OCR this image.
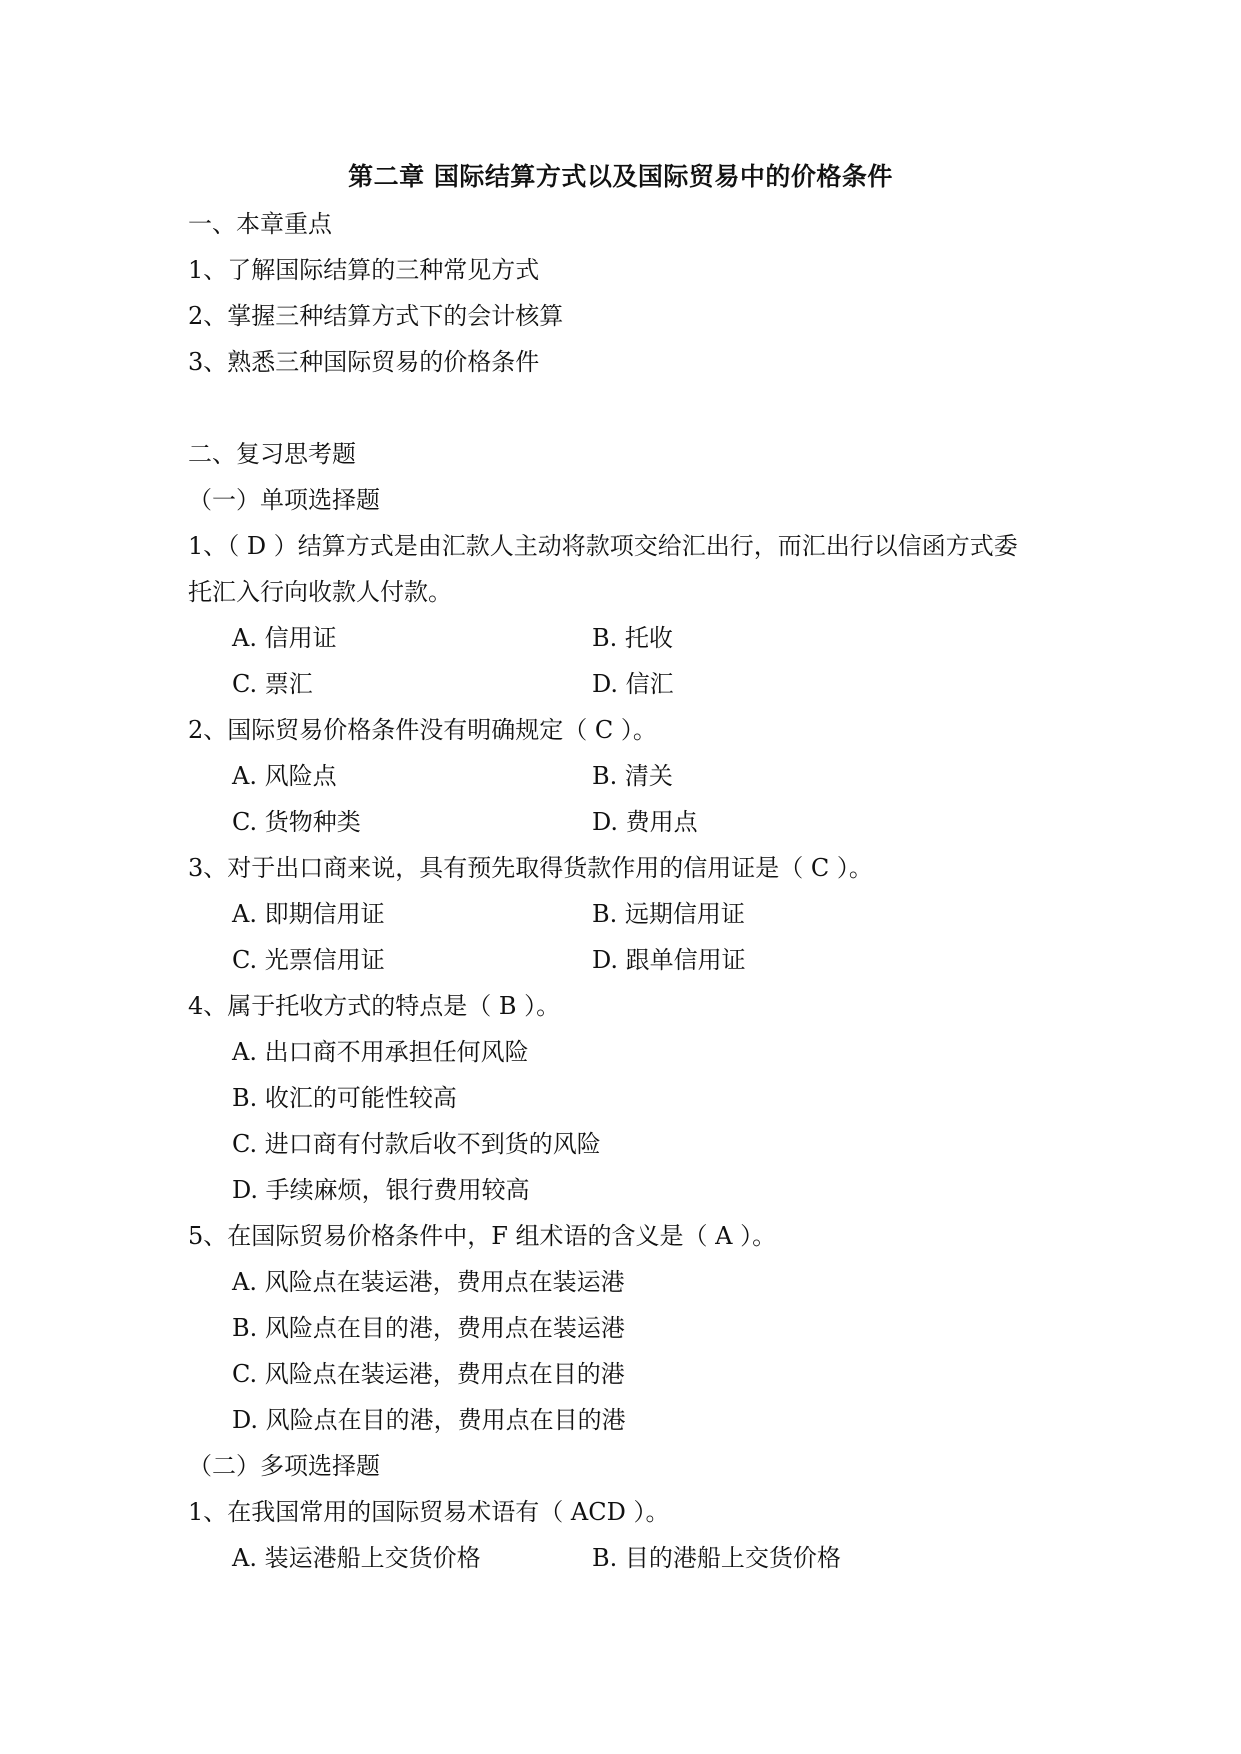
第二章 国际结算方式以及国际贸易中的价格条件
一、本章重点
1、了解国际结算的三种常见方式
2、掌握三种结算方式下的会计核算
3、熟悉三种国际贸易的价格条件
二、复习思考题
（一）单项选择题
1、（ D ）结算方式是由汇款人主动将款项交给汇出行，而汇出行以信函方式委
托汇入行向收款人付款。
A. 信用证	B. 托收
C. 票汇	D. 信汇
2、国际贸易价格条件没有明确规定（ C ）。
A. 风险点	B. 清关
C. 货物种类	D. 费用点
3、对于出口商来说，具有预先取得货款作用的信用证是（ C ）。
A. 即期信用证	B. 远期信用证
C. 光票信用证	D. 跟单信用证
4、属于托收方式的特点是（ B ）。
A. 出口商不用承担任何风险
B. 收汇的可能性较高
C. 进口商有付款后收不到货的风险
D. 手续麻烦，银行费用较高
5、在国际贸易价格条件中，F 组术语的含义是（ A ）。
A. 风险点在装运港，费用点在装运港
B. 风险点在目的港，费用点在装运港
C. 风险点在装运港，费用点在目的港
D. 风险点在目的港，费用点在目的港
（二）多项选择题
1、在我国常用的国际贸易术语有（ ACD ）。
A. 装运港船上交货价格	B. 目的港船上交货价格
